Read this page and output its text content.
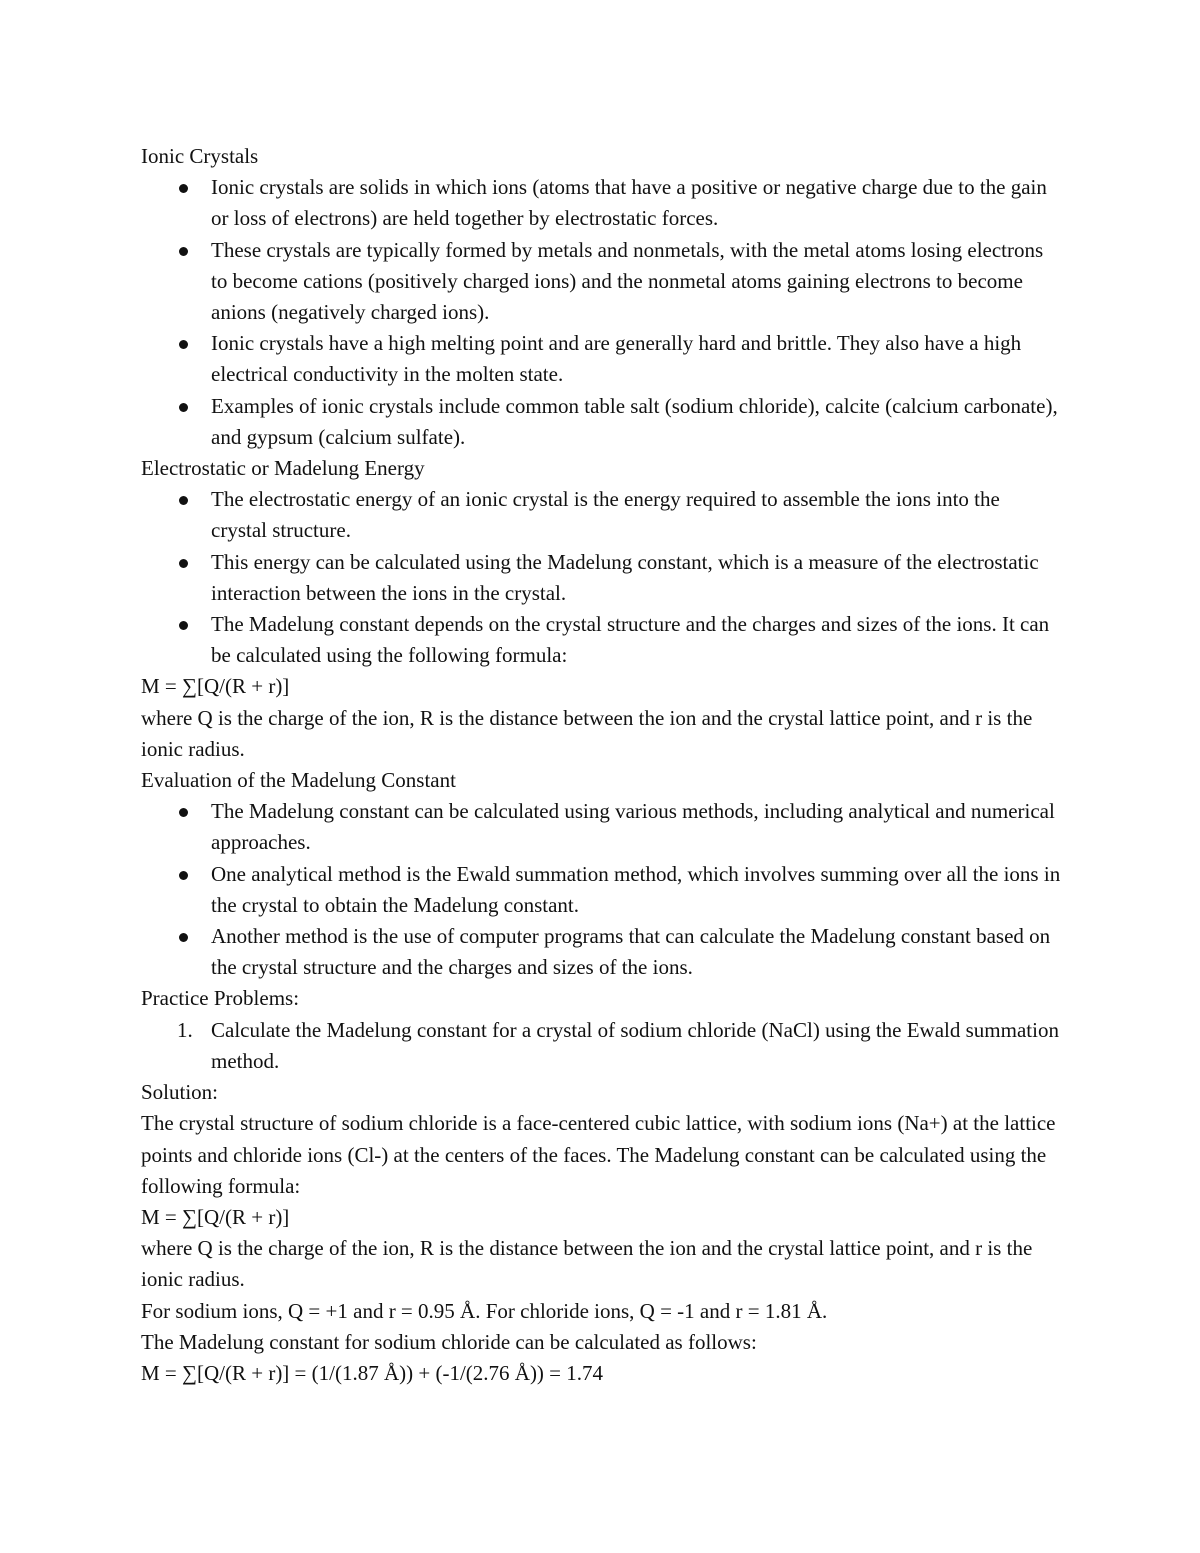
Ionic Crystals

Ionic crystals are solids in which ions (atoms that have a positive or negative charge due to the gain or loss of electrons) are held together by electrostatic forces.
These crystals are typically formed by metals and nonmetals, with the metal atoms losing electrons to become cations (positively charged ions) and the nonmetal atoms gaining electrons to become anions (negatively charged ions).
Ionic crystals have a high melting point and are generally hard and brittle. They also have a high electrical conductivity in the molten state.
Examples of ionic crystals include common table salt (sodium chloride), calcite (calcium carbonate), and gypsum (calcium sulfate).

Electrostatic or Madelung Energy

The electrostatic energy of an ionic crystal is the energy required to assemble the ions into the crystal structure.
This energy can be calculated using the Madelung constant, which is a measure of the electrostatic interaction between the ions in the crystal.
The Madelung constant depends on the crystal structure and the charges and sizes of the ions. It can be calculated using the following formula:

M = ∑[Q/(R + r)]

where Q is the charge of the ion, R is the distance between the ion and the crystal lattice point, and r is the ionic radius.

Evaluation of the Madelung Constant

The Madelung constant can be calculated using various methods, including analytical and numerical approaches.
One analytical method is the Ewald summation method, which involves summing over all the ions in the crystal to obtain the Madelung constant.
Another method is the use of computer programs that can calculate the Madelung constant based on the crystal structure and the charges and sizes of the ions.

Practice Problems:

1. Calculate the Madelung constant for a crystal of sodium chloride (NaCl) using the Ewald summation method.

Solution:

The crystal structure of sodium chloride is a face-centered cubic lattice, with sodium ions (Na+) at the lattice points and chloride ions (Cl-) at the centers of the faces. The Madelung constant can be calculated using the following formula:

M = ∑[Q/(R + r)]

where Q is the charge of the ion, R is the distance between the ion and the crystal lattice point, and r is the ionic radius.

For sodium ions, Q = +1 and r = 0.95 Å. For chloride ions, Q = -1 and r = 1.81 Å.

The Madelung constant for sodium chloride can be calculated as follows:

M = ∑[Q/(R + r)] = (1/(1.87 Å)) + (-1/(2.76 Å)) = 1.74
